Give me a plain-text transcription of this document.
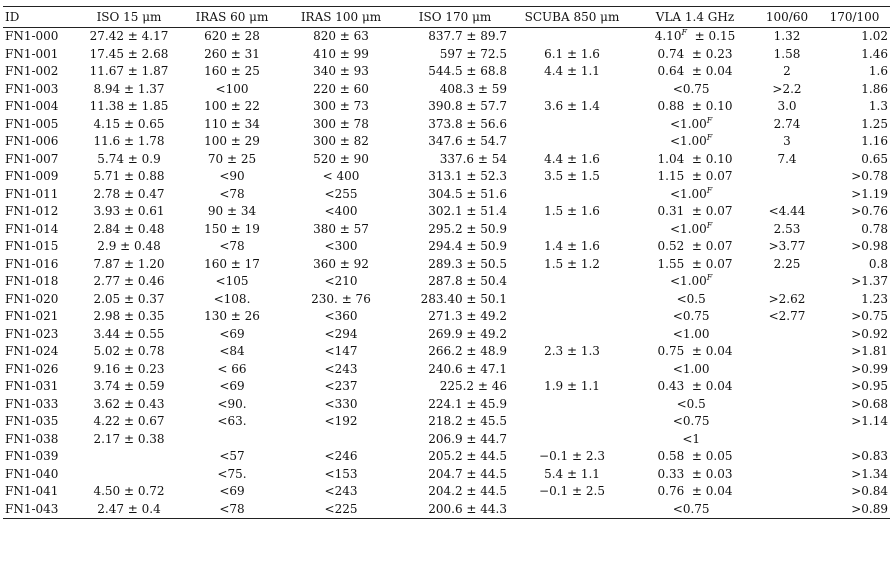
ID	ISO 15 μm	IRAS 60 μm	IRAS 100 μm	ISO 170 μm	SCUBA 850 μm	VLA 1.4 GHz	100/60	170/100
FN1-000	27.42 ± 4.17	620 ± 28	820 ± 63	837.7 ± 89.7		$4.10^F \pm 0.15$	1.32	1.02
FN1-001	17.45 ± 2.68	260 ± 31	410 ± 99	597 ± 72.5	6.1 ± 1.6	0.74 ± 0.23	1.58	1.46
FN1-002	11.67 ± 1.87	160 ± 25	340 ± 93	544.5 ± 68.8	4.4 ± 1.1	0.64 ± 0.04	2	1.6
FN1-003	8.94 ± 1.37	<100	220 ± 60	408.3 ± 59		<0.75	>2.2	1.86
FN1-004	11.38 ± 1.85	100 ± 22	300 ± 73	390.8 ± 57.7	3.6 ± 1.4	0.88 ± 0.10	3.0	1.3
FN1-005	4.15 ± 0.65	110 ± 34	300 ± 78	373.8 ± 56.6		$<1.00^F$	2.74	1.25
FN1-006	11.6 ± 1.78	100 ± 29	300 ± 82	347.6 ± 54.7		$<1.00^F$	3	1.16
FN1-007	5.74 ± 0.9	70 ± 25	520 ± 90	337.6 ± 54	4.4 ± 1.6	1.04 ± 0.10	7.4	0.65
FN1-009	5.71 ± 0.88	<90	< 400	313.1 ± 52.3	3.5 ± 1.5	1.15 ± 0.07		>0.78
FN1-011	2.78 ± 0.47	<78	<255	304.5 ± 51.6		$<1.00^F$		>1.19
FN1-012	3.93 ± 0.61	90 ± 34	<400	302.1 ± 51.4	1.5 ± 1.6	0.31 ± 0.07	<4.44	>0.76
FN1-014	2.84 ± 0.48	150 ± 19	380 ± 57	295.2 ± 50.9		$<1.00^F$	2.53	0.78
FN1-015	2.9 ± 0.48	<78	<300	294.4 ± 50.9	1.4 ± 1.6	0.52 ± 0.07	>3.77	>0.98
FN1-016	7.87 ± 1.20	160 ± 17	360 ± 92	289.3 ± 50.5	1.5 ± 1.2	1.55 ± 0.07	2.25	0.8
FN1-018	2.77 ± 0.46	<105	<210	287.8 ± 50.4		$<1.00^F$		>1.37
FN1-020	2.05 ± 0.37	<108.	230. ± 76	283.40 ± 50.1		<0.5	>2.62	1.23
FN1-021	2.98 ± 0.35	130 ± 26	<360	271.3 ± 49.2		<0.75	<2.77	>0.75
FN1-023	3.44 ± 0.55	<69	<294	269.9 ± 49.2		<1.00		>0.92
FN1-024	5.02 ± 0.78	<84	<147	266.2 ± 48.9	2.3 ± 1.3	0.75 ± 0.04		>1.81
FN1-026	9.16 ± 0.23	< 66	<243	240.6 ± 47.1		<1.00		>0.99
FN1-031	3.74 ± 0.59	<69	<237	225.2 ± 46	1.9 ± 1.1	0.43 ± 0.04		>0.95
FN1-033	3.62 ± 0.43	<90.	<330	224.1 ± 45.9		<0.5		>0.68
FN1-035	4.22 ± 0.67	<63.	<192	218.2 ± 45.5		<0.75		>1.14
FN1-038	2.17 ± 0.38			206.9 ± 44.7		<1		
FN1-039		<57	<246	205.2 ± 44.5	−0.1 ± 2.3	0.58 ± 0.05		>0.83
FN1-040		<75.	<153	204.7 ± 44.5	5.4 ± 1.1	0.33 ± 0.03		>1.34
FN1-041	4.50 ± 0.72	<69	<243	204.2 ± 44.5	−0.1 ± 2.5	0.76 ± 0.04		>0.84
FN1-043	2.47 ± 0.4	<78	<225	200.6 ± 44.3		<0.75		>0.89
